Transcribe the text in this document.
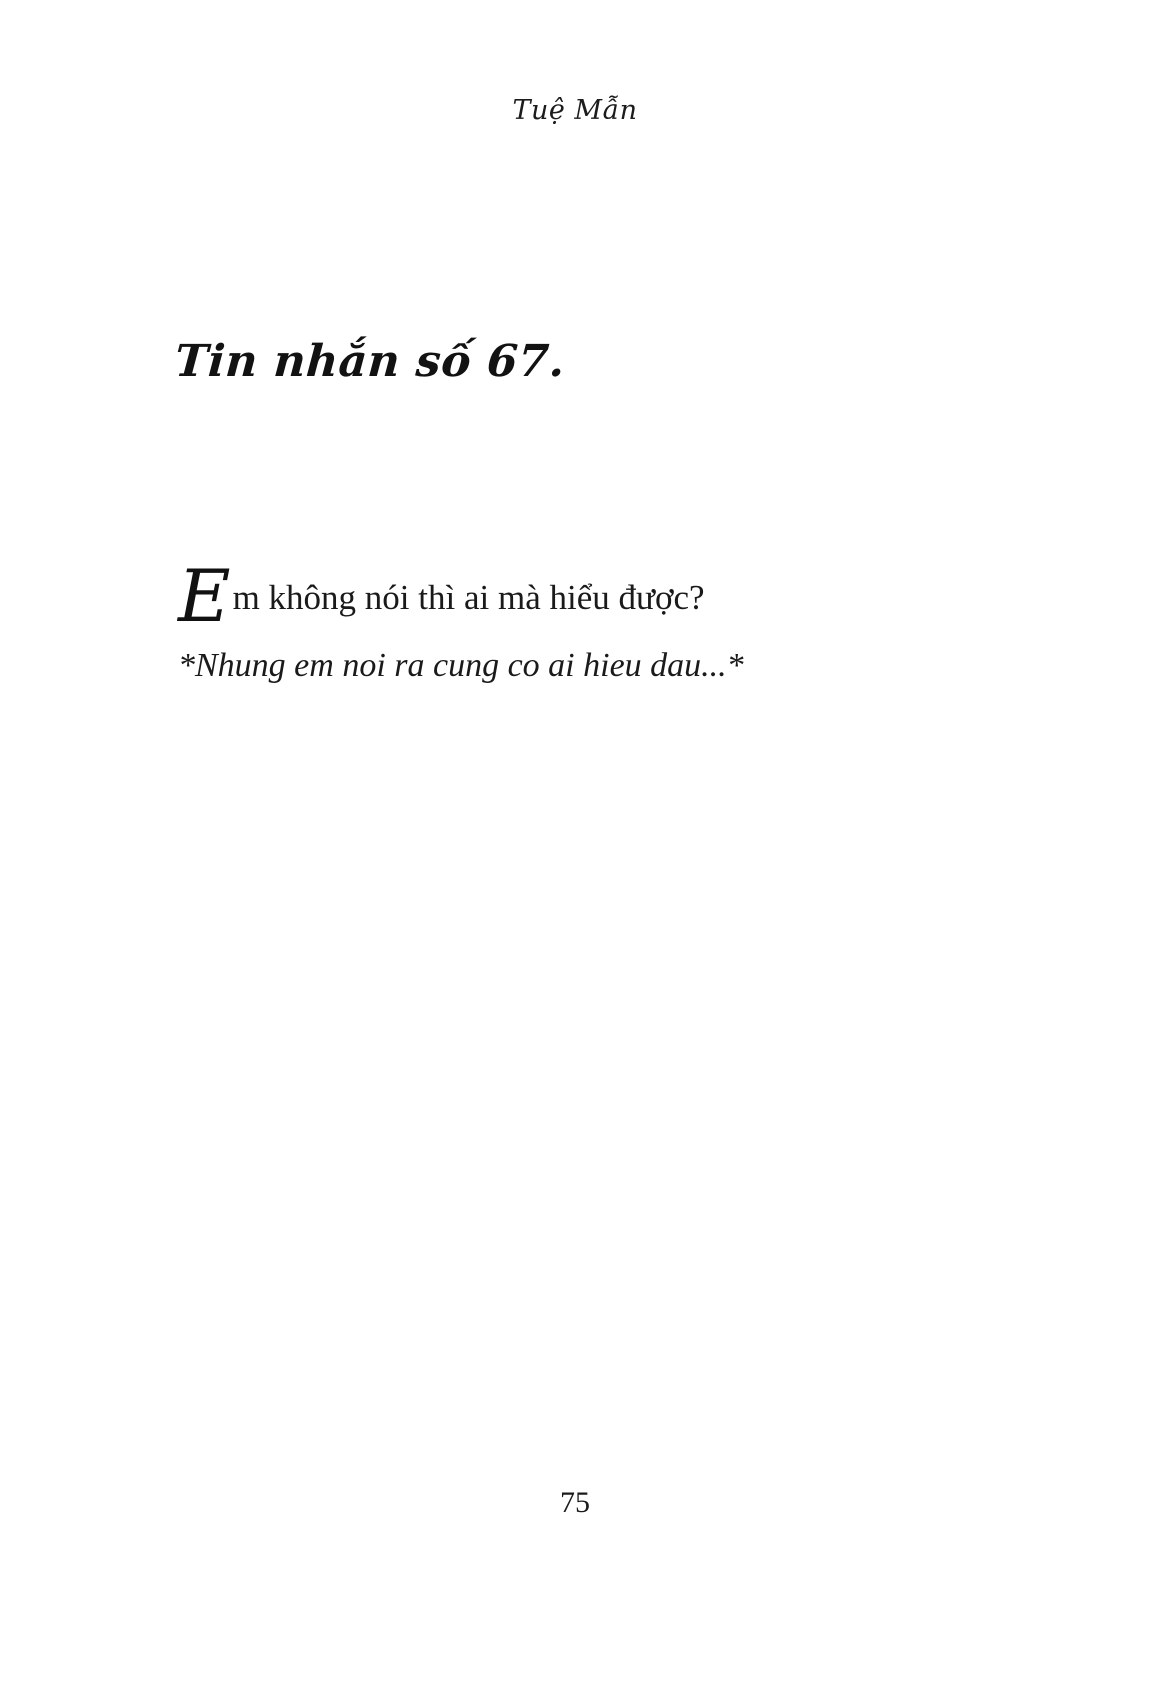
Tuệ Mẫn
Tin nhắn số 67.
Em không nói thì ai mà hiểu được?
*Nhung em noi ra cung co ai hieu dau...*
75
